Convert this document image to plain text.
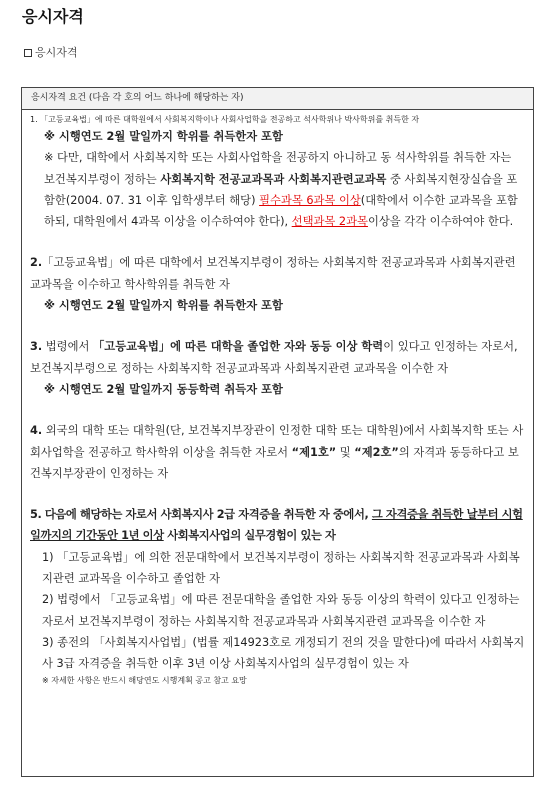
응시자격
응시자격
응시자격 요건 (다음 각 호의 어느 하나에 해당하는 자)

1. 「고등교육법」에 따른 대학원에서 사회복지학이나 사회사업학을 전공하고 석사학위나 박사학위를 취득한 자

※ 시행연도 2월 말일까지 학위를 취득한자 포함

※ 다만, 대학에서 사회복지학 또는 사회사업학을 전공하지 아니하고 동 석사학위를 취득한 자는 보건복지부령이 정하는 사회복지학 전공교과목과 사회복지관련교과목 중 사회복지현장실습을 포함한(2004. 07. 31 이후 입학생부터 해당) 필수과목 6과목 이상(대학에서 이수한 교과목을 포함하되, 대학원에서 4과목 이상을 이수하여야 한다), 선택과목 2과목이상을 각각 이수하여야 한다.

2.「고등교육법」에 따른 대학에서 보건복지부령이 정하는 사회복지학 전공교과목과 사회복지관련 교과목을 이수하고 학사학위를 취득한 자

※ 시행연도 2월 말일까지 학위를 취득한자 포함

3. 법령에서 「고등교육법」에 따른 대학을 졸업한 자와 동등 이상 학력이 있다고 인정하는 자로서, 보건복지부령으로 정하는 사회복지학 전공교과목과 사회복지관련 교과목을 이수한 자

※ 시행연도 2월 말일까지 동등학력 취득자 포함

4. 외국의 대학 또는 대학원(단, 보건복지부장관이 인정한 대학 또는 대학원)에서 사회복지학 또는 사회사업학을 전공하고 학사학위 이상을 취득한 자로서 “제1호” 및 “제2호”의 자격과 동등하다고 보건복지부장관이 인정하는 자

5. 다음에 해당하는 자로서 사회복지사 2급 자격증을 취득한 자 중에서, 그 자격증을 취득한 날부터 시험일까지의 기간동안 1년 이상 사회복지사업의 실무경험이 있는 자

1) 「고등교육법」에 의한 전문대학에서 보건복지부령이 정하는 사회복지학 전공교과목과 사회복지관련 교과목을 이수하고 졸업한 자

2) 법령에서 「고등교육법」에 따른 전문대학을 졸업한 자와 동등 이상의 학력이 있다고 인정하는 자로서 보건복지부령이 정하는 사회복지학 전공교과목과 사회복지관련 교과목을 이수한 자

3) 종전의 「사회복지사업법」(법률 제14923호로 개정되기 전의 것을 말한다)에 따라서 사회복지사 3급 자격증을 취득한 이후 3년 이상 사회복지사업의 실무경험이 있는 자

※ 자세한 사항은 반드시 해당연도 시행계획 공고 참고 요망
